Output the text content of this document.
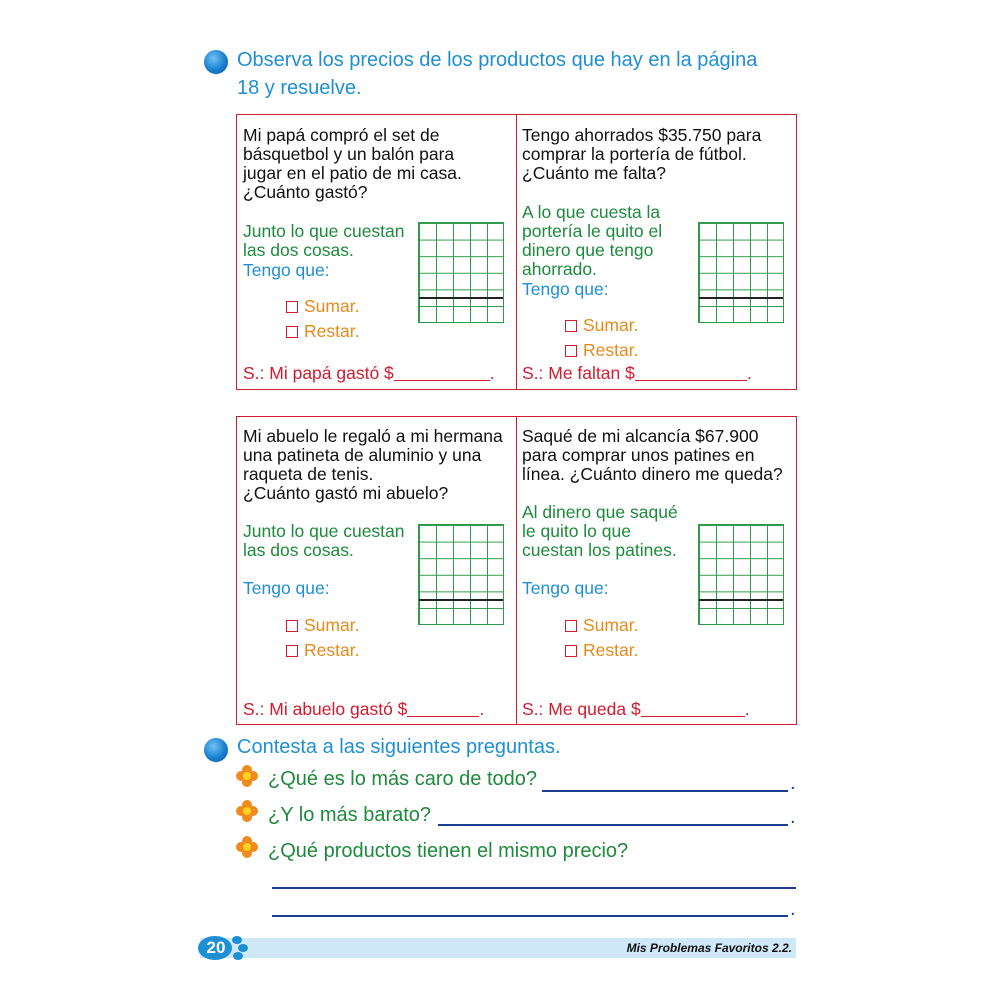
Observa los precios de los productos que hay en la página
18 y resuelve.
Mi papá compró el set de
básquetbol y un balón para
jugar en el patio de mi casa.
¿Cuánto gastó?
Junto lo que cuestan
las dos cosas.
Tengo que:
Sumar.
Restar.
S.: Mi papá gastó $	.
Tengo ahorrados $35.750 para
comprar la portería de fútbol.
¿Cuánto me falta?
A lo que cuesta la
portería le quito el
dinero que tengo
ahorrado.
Tengo que:
Sumar.
Restar.
S.: Me faltan $	.
Mi abuelo le regaló a mi hermana
una patineta de aluminio y una
raqueta de tenis.
¿Cuánto gastó mi abuelo?
Junto lo que cuestan
las dos cosas.
Tengo que:
Sumar.
Restar.
S.: Mi abuelo gastó $	.
Saqué de mi alcancía $67.900
para comprar unos patines en
línea. ¿Cuánto dinero me queda?
Al dinero que saqué
le quito lo que
cuestan los patines.
Tengo que:
Sumar.
Restar.
S.: Me queda $	.
Contesta a las siguientes preguntas.
¿Qué es lo más caro de todo?	.
¿Y lo más barato?	.
¿Qué productos tienen el mismo precio?
.
20	Mis Problemas Favoritos 2.2.
